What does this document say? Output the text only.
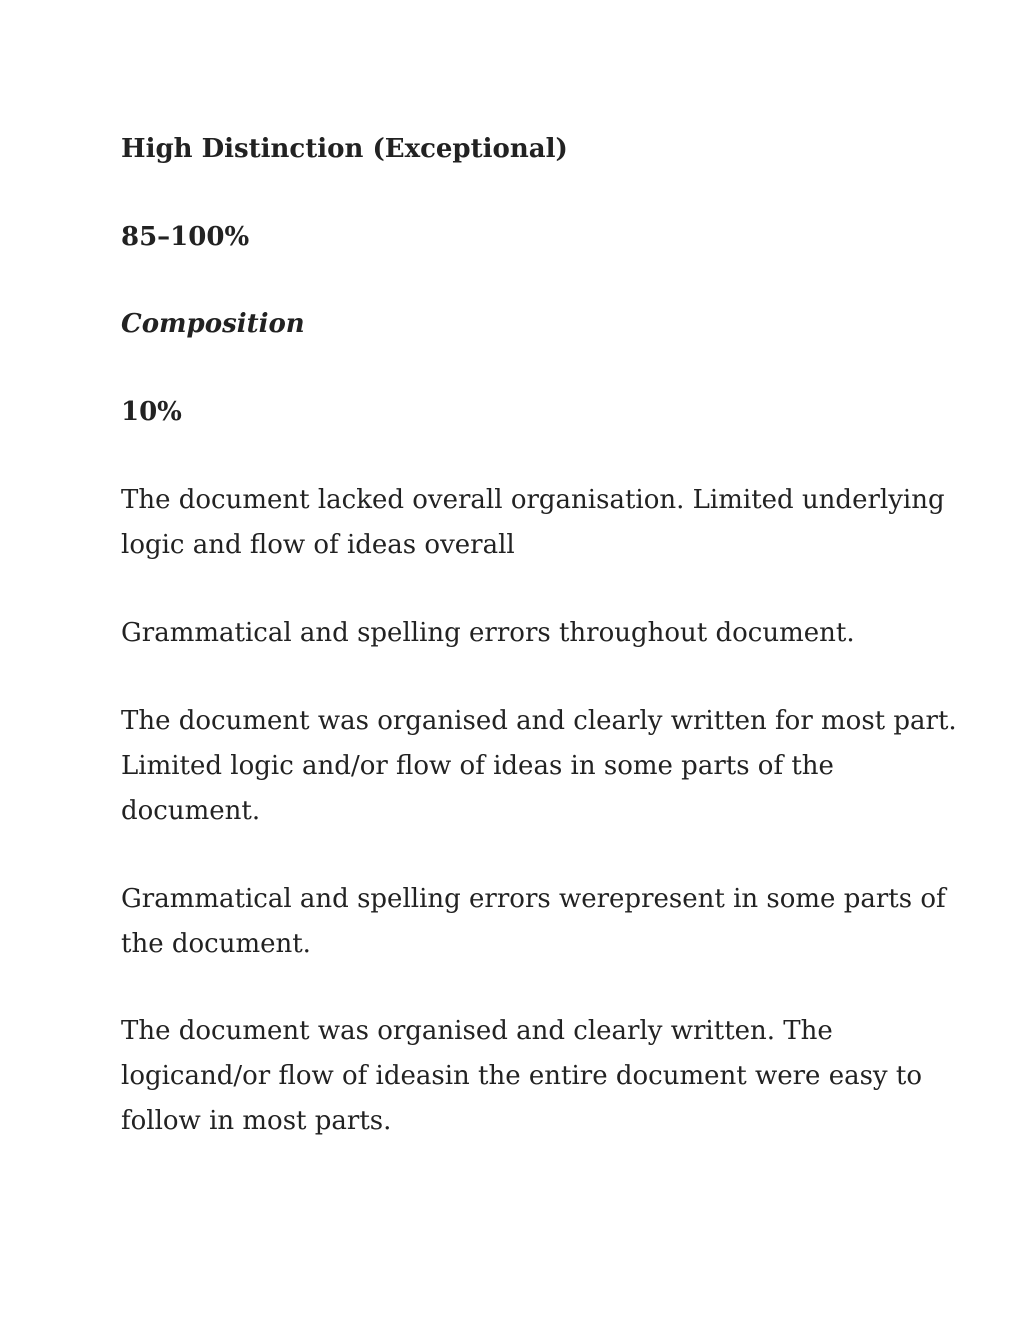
High Distinction (Exceptional)
85–100%
Composition
10%

The document lacked overall organisation. Limited underlying
logic and flow of ideas overall

Grammatical and spelling errors throughout document.

The document was organised and clearly written for most part.
Limited logic and/or flow of ideas in some parts of the
document.

Grammatical and spelling errors werepresent in some parts of
the document.

The document was organised and clearly written. The
logicand/or flow of ideasin the entire document were easy to
follow in most parts.
